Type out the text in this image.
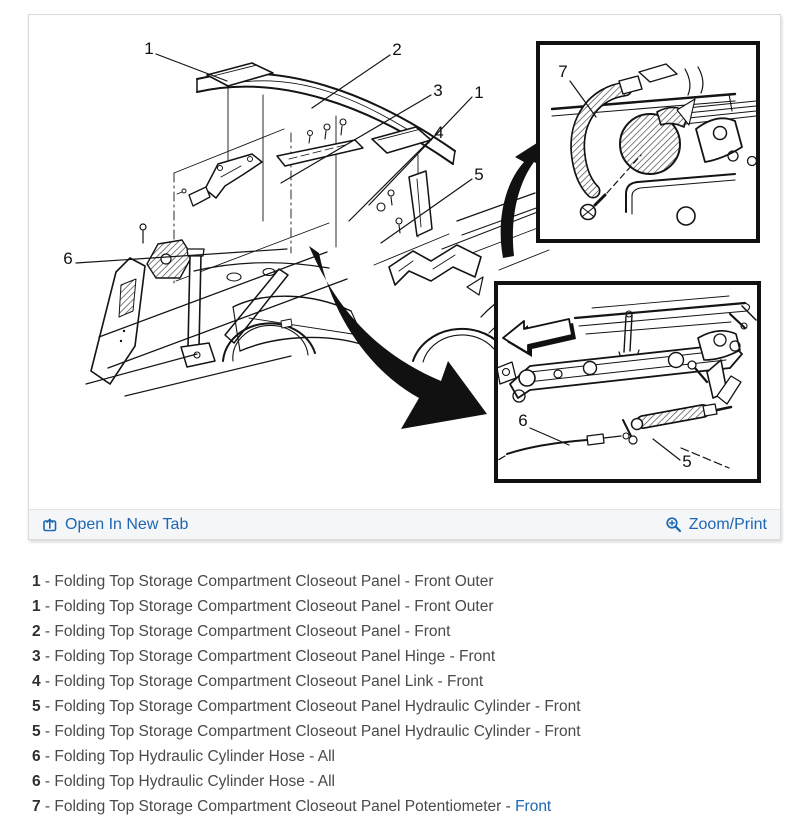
1	2
3 1
4
5
6
7
6
5
Open In New Tab	Zoom/Print
1 - Folding Top Storage Compartment Closeout Panel - Front Outer
1 - Folding Top Storage Compartment Closeout Panel - Front Outer
2 - Folding Top Storage Compartment Closeout Panel - Front
3 - Folding Top Storage Compartment Closeout Panel Hinge - Front
4 - Folding Top Storage Compartment Closeout Panel Link - Front
5 - Folding Top Storage Compartment Closeout Panel Hydraulic Cylinder - Front
5 - Folding Top Storage Compartment Closeout Panel Hydraulic Cylinder - Front
6 - Folding Top Hydraulic Cylinder Hose - All
6 - Folding Top Hydraulic Cylinder Hose - All
7 - Folding Top Storage Compartment Closeout Panel Potentiometer - Front
